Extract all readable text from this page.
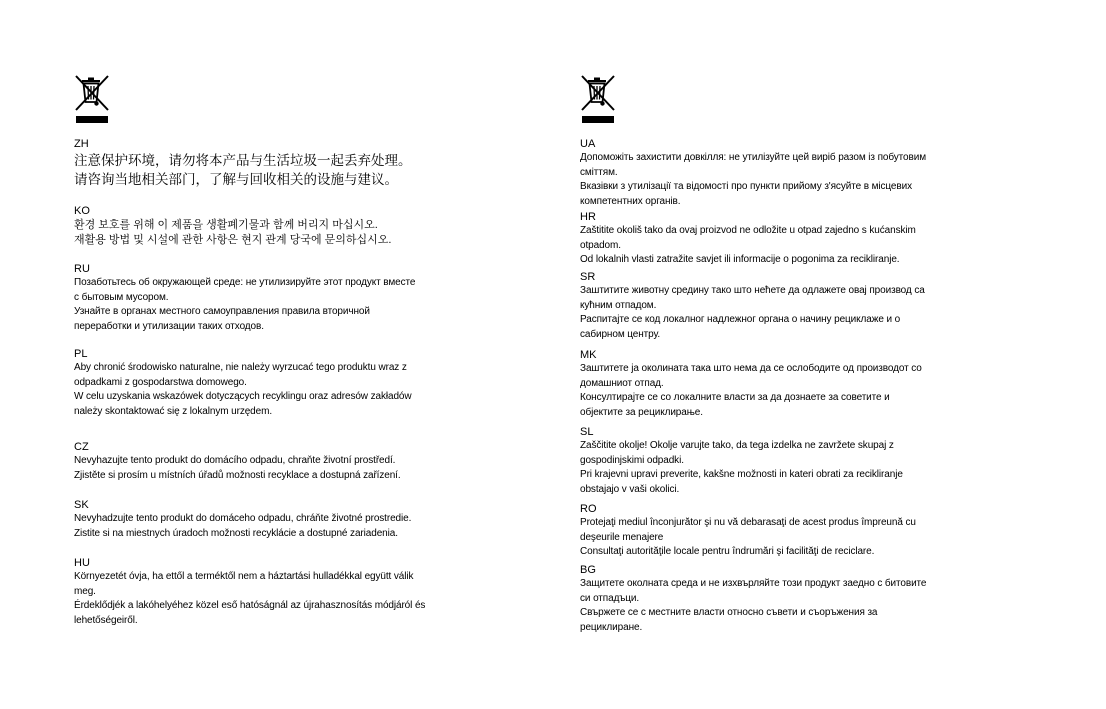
ZH

注意保护环境，请勿将本产品与生活垃圾一起丢弃处理。

请咨询当地相关部门，了解与回收相关的设施与建议。

KO

환경 보호를 위해 이 제품을 생활폐기물과 함께 버리지 마십시오.

재활용 방법 및 시설에 관한 사항은 현지 관계 당국에 문의하십시오.

RU

Позаботьтесь об окружающей среде: не утилизируйте этот продукт вместе

с бытовым мусором.

Узнайте в органах местного самоуправления правила вторичной

переработки и утилизации таких отходов.

PL

Aby chronić środowisko naturalne, nie należy wyrzucać tego produktu wraz z

odpadkami z gospodarstwa domowego.

W celu uzyskania wskazówek dotyczących recyklingu oraz adresów zakładów

należy skontaktować się z lokalnym urzędem.

CZ

Nevyhazujte tento produkt do domácího odpadu, chraňte životní prostředí.

Zjistěte si prosím u místních úřadů možnosti recyklace a dostupná zařízení.

SK

Nevyhadzujte tento produkt do domáceho odpadu, chráňte životné prostredie.

Zistite si na miestnych úradoch možnosti recyklácie a dostupné zariadenia.

HU

Környezetét óvja, ha ettől a terméktől nem a háztartási hulladékkal együtt válik

meg.

Érdeklődjék a lakóhelyéhez közel eső hatóságnál az újrahasznosítás módjáról és

lehetőségeiről.

UA

Допоможіть захистити довкілля: не утилізуйте цей виріб разом із побутовим

сміттям.

Вказівки з утилізації та відомості про пункти прийому з'ясуйте в місцевих

компетентних органів.

HR

Zaštitite okoliš tako da ovaj proizvod ne odložite u otpad zajedno s kućanskim

otpadom.

Od lokalnih vlasti zatražite savjet ili informacije o pogonima za recikliranje.

SR

Заштитите животну средину тако што нећете да одлажете овај производ са

кућним отпадом.

Распитајте се код локалног надлежног органа о начину рециклаже и о

сабирном центру.

MK

Заштитете ја околината така што нема да се ослободите од производот со

домашниот отпад.

Консултирајте се со локалните власти за да дознаете за советите и

објектите за рециклирање.

SL

Zaščitite okolje! Okolje varujte tako, da tega izdelka ne zavržete skupaj z

gospodinjskimi odpadki.

Pri krajevni upravi preverite, kakšne možnosti in kateri obrati za recikliranje

obstajajo v vaši okolici.

RO

Protejaţi mediul înconjurător şi nu vă debarasaţi de acest produs împreună cu

deşeurile menajere

Consultaţi autorităţile locale pentru îndrumări şi facilităţi de reciclare.

BG

Защитете околната среда и не изхвърляйте този продукт заедно с битовите

си отпадъци.

Свържете се с местните власти относно съвети и съоръжения за

рециклиране.
